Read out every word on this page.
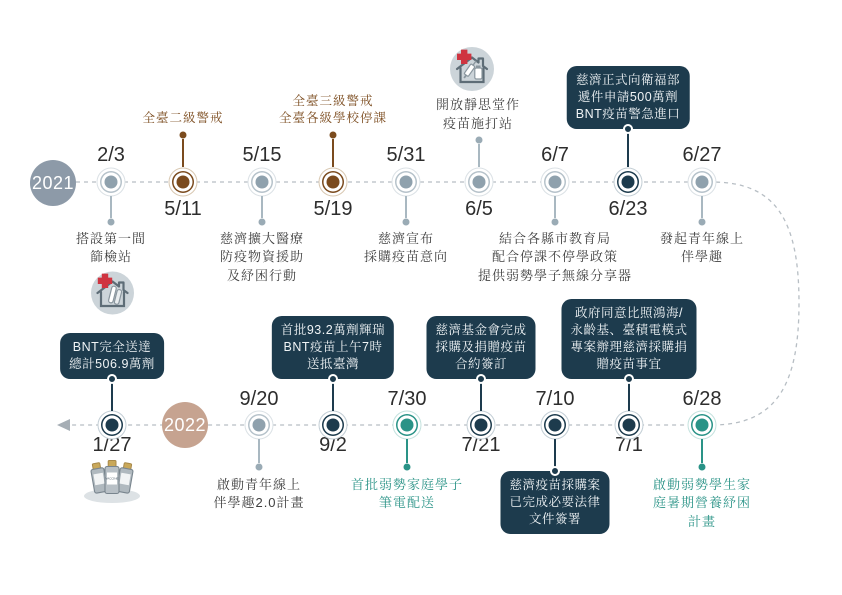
2021
2022
2/3
搭設第一間
篩檢站
5/11
全臺二級警戒
5/15
慈濟擴大醫療
防疫物資援助
及紓困行動
5/19
全臺三級警戒
全臺各級學校停課
5/31
慈濟宣布
採購疫苗意向
6/5
開放靜思堂作
疫苗施打站
6/7
結合各縣市教育局
配合停課不停學政策
提供弱勢學子無線分享器
6/23
慈濟正式向衛福部
遞件申請500萬劑
BNT疫苗警急進口
6/27
發起青年線上
伴學趣
1/27
BNT完全送達
總計506.9萬劑
VACCINE
9/20
啟動青年線上
伴學趣2.0計畫
9/2
首批93.2萬劑輝瑞
BNT疫苗上午7時
送抵臺灣
7/30
首批弱勢家庭學子
筆電配送
7/21
慈濟基金會完成
採購及捐贈疫苗
合約簽訂
7/10
慈濟疫苗採購案
已完成必要法律
文件簽署
7/1
政府同意比照鴻海/
永齡基、臺積電模式
專案辦理慈濟採購捐
贈疫苗事宜
6/28
啟動弱勢學生家
庭暑期營養紓困
計畫
